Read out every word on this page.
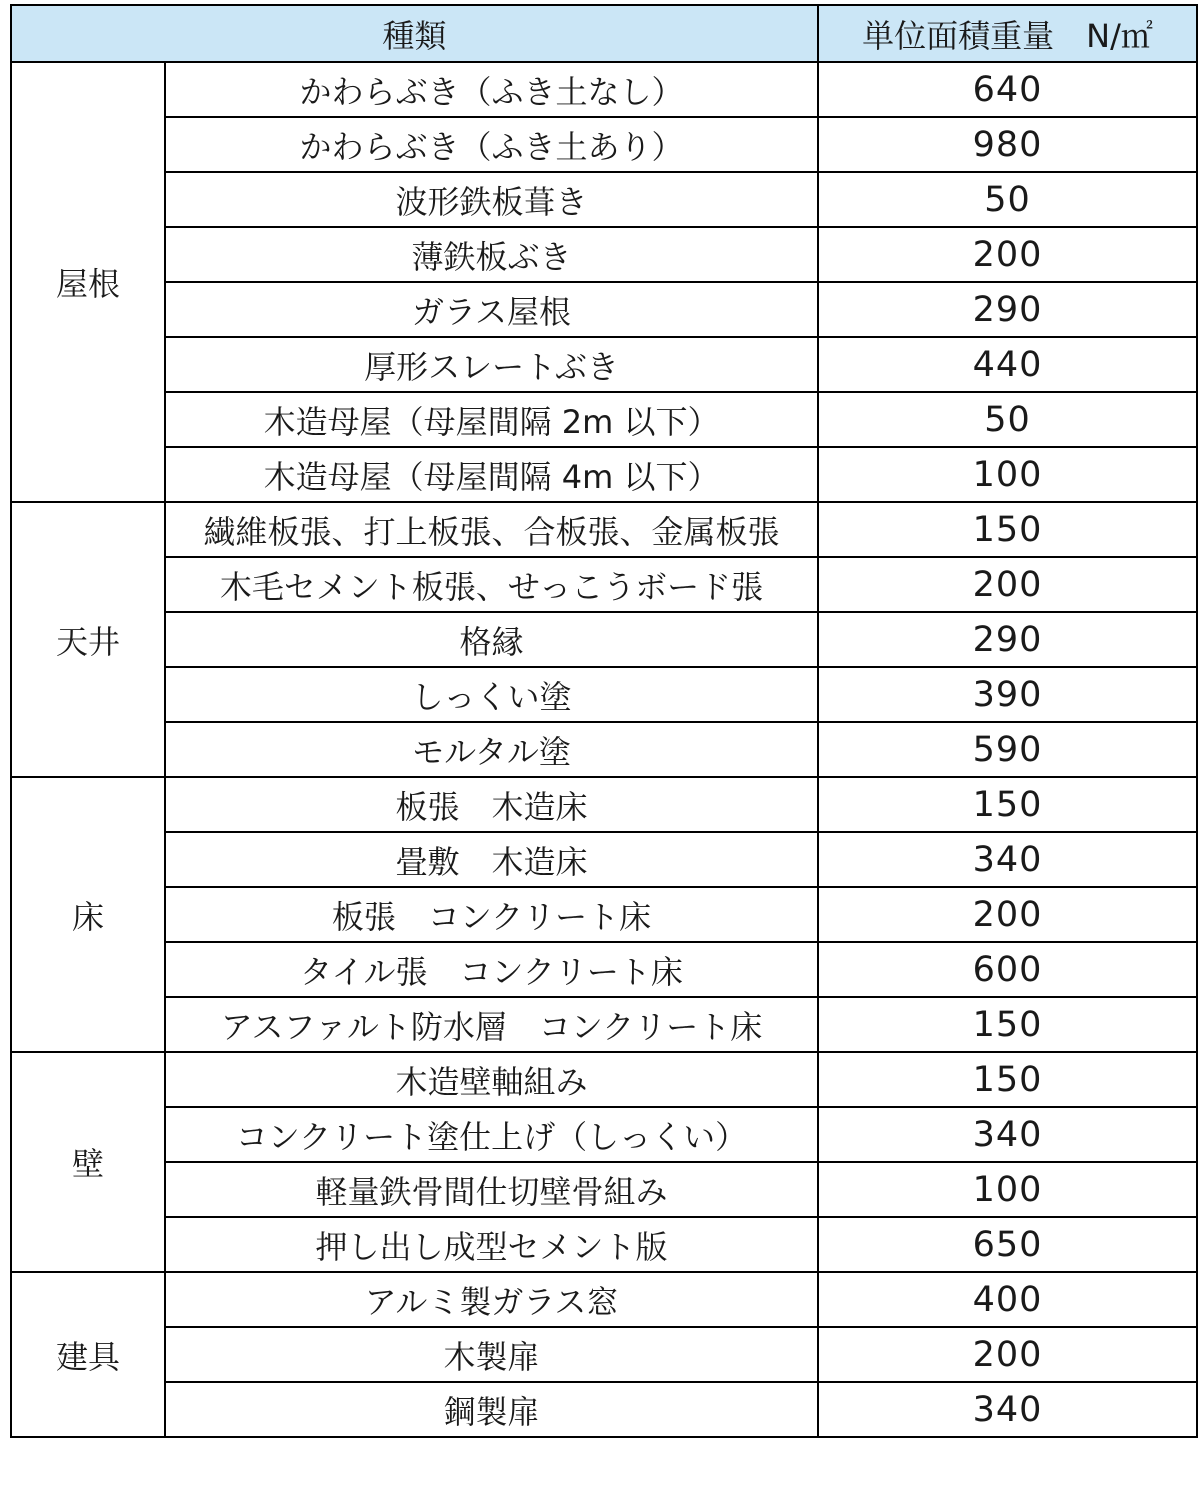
種類		単位面積重量　N/㎡
屋根	かわらぶき（ふき土なし）	640
	かわらぶき（ふき土あり）	980
	波形鉄板葺き	50
	薄鉄板ぶき	200
	ガラス屋根	290
	厚形スレートぶき	440
	木造母屋（母屋間隔 2m 以下）	50
	木造母屋（母屋間隔 4m 以下）	100
天井	繊維板張、打上板張、合板張、金属板張	150
	木毛セメント板張、せっこうボード張	200
	格縁	290
	しっくい塗	390
	モルタル塗	590
床	板張　木造床	150
	畳敷　木造床	340
	板張　コンクリート床	200
	タイル張　コンクリート床	600
	アスファルト防水層　コンクリート床	150
壁	木造壁軸組み	150
	コンクリート塗仕上げ（しっくい）	340
	軽量鉄骨間仕切壁骨組み	100
	押し出し成型セメント版	650
建具	アルミ製ガラス窓	400
	木製扉	200
	鋼製扉	340
